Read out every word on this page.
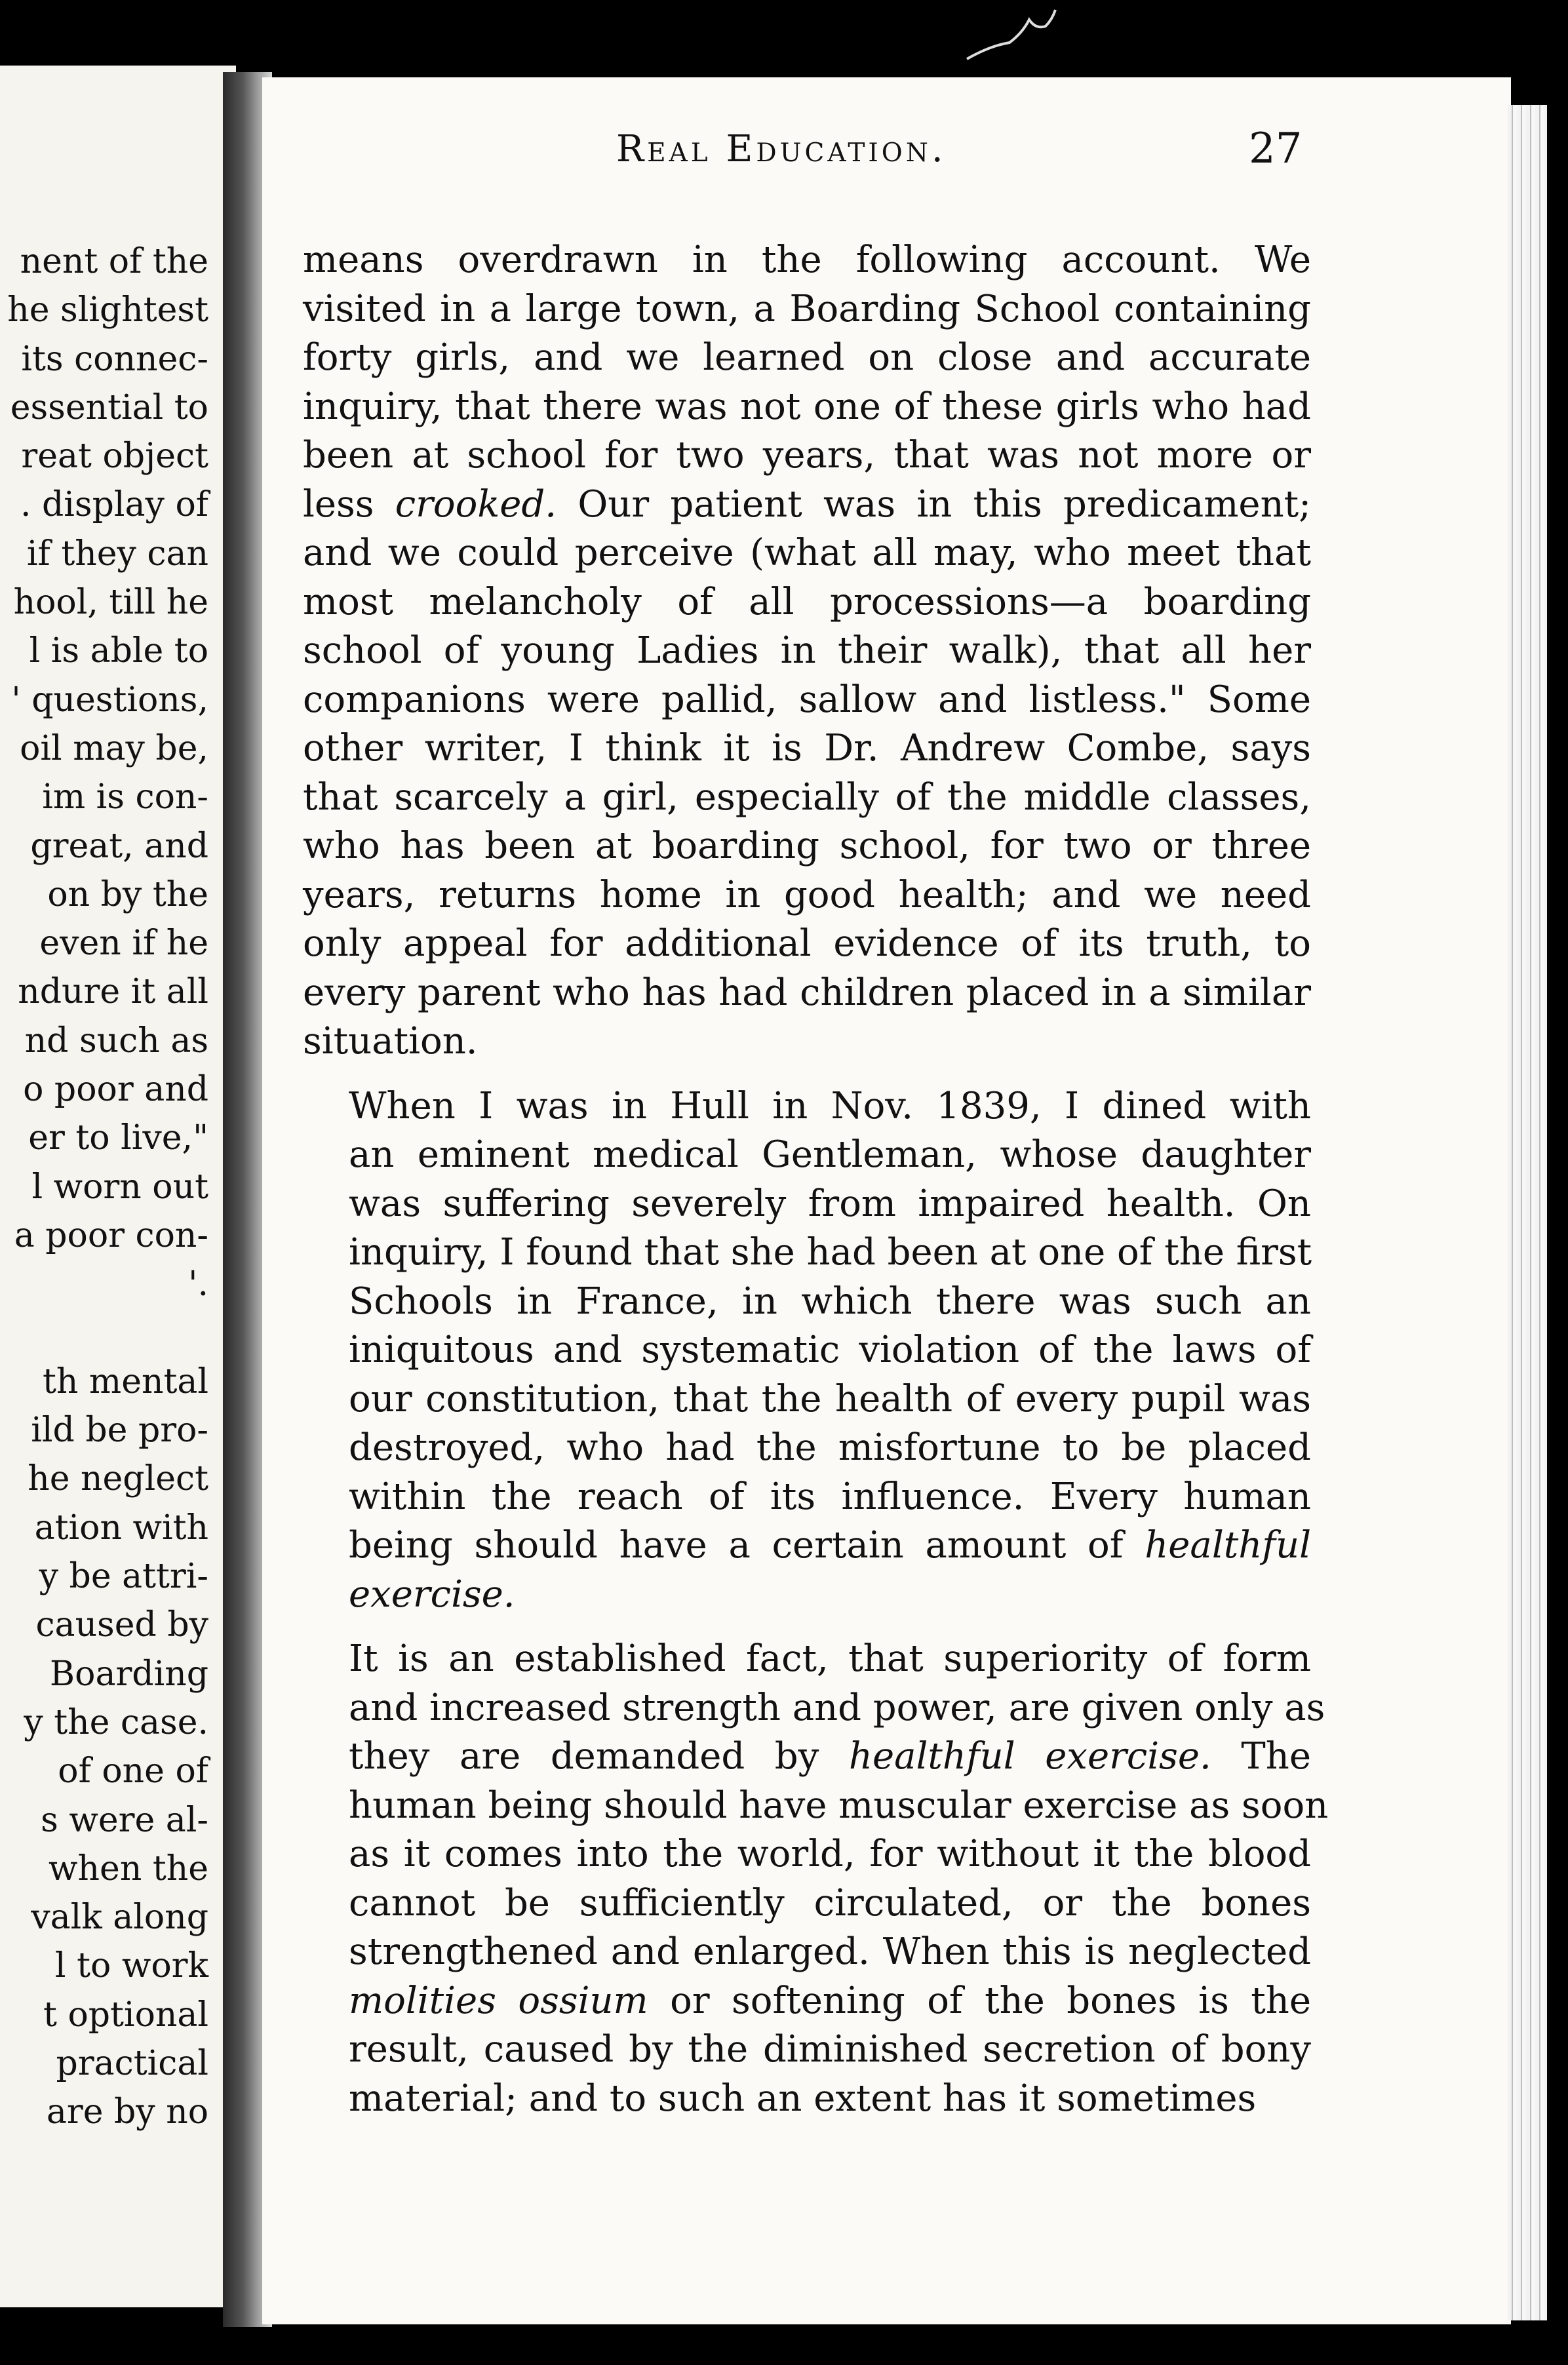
nent of the
he slightest
its connec-
essential to
reat object
. display of
if they can
hool, till he
l is able to
' questions,
oil may be,
im is con-
great, and
on by the
even if he
ndure it all
nd such as
o poor and
er to live,"
l worn out
a poor con-
'.
th mental
ild be pro-
he neglect
ation with
y be attri-
caused by
Boarding
y the case.
of one of
s were al-
when the
valk along
l to work
t optional
practical
are by no
Real Education.	27

means overdrawn in the following account. We
visited in a large town, a Boarding School containing
forty girls, and we learned on close and accurate
inquiry, that there was not one of these girls who had
been at school for two years, that was not more or
less crooked. Our patient was in this predicament;
and we could perceive (what all may, who meet that
most melancholy of all processions—a boarding
school of young Ladies in their walk), that all her
companions were pallid, sallow and listless." Some
other writer, I think it is Dr. Andrew Combe, says
that scarcely a girl, especially of the middle classes,
who has been at boarding school, for two or three
years, returns home in good health; and we need
only appeal for additional evidence of its truth, to
every parent who has had children placed in a similar
situation.

When I was in Hull in Nov. 1839, I dined with
an eminent medical Gentleman, whose daughter
was suffering severely from impaired health. On
inquiry, I found that she had been at one of the first
Schools in France, in which there was such an
iniquitous and systematic violation of the laws of
our constitution, that the health of every pupil was
destroyed, who had the misfortune to be placed
within the reach of its influence. Every human
being should have a certain amount of healthful
exercise.

It is an established fact, that superiority of form
and increased strength and power, are given only as
they are demanded by healthful exercise. The
human being should have muscular exercise as soon
as it comes into the world, for without it the blood
cannot be sufficiently circulated, or the bones
strengthened and enlarged. When this is neglected
molities ossium or softening of the bones is the
result, caused by the diminished secretion of bony
material; and to such an extent has it sometimes
